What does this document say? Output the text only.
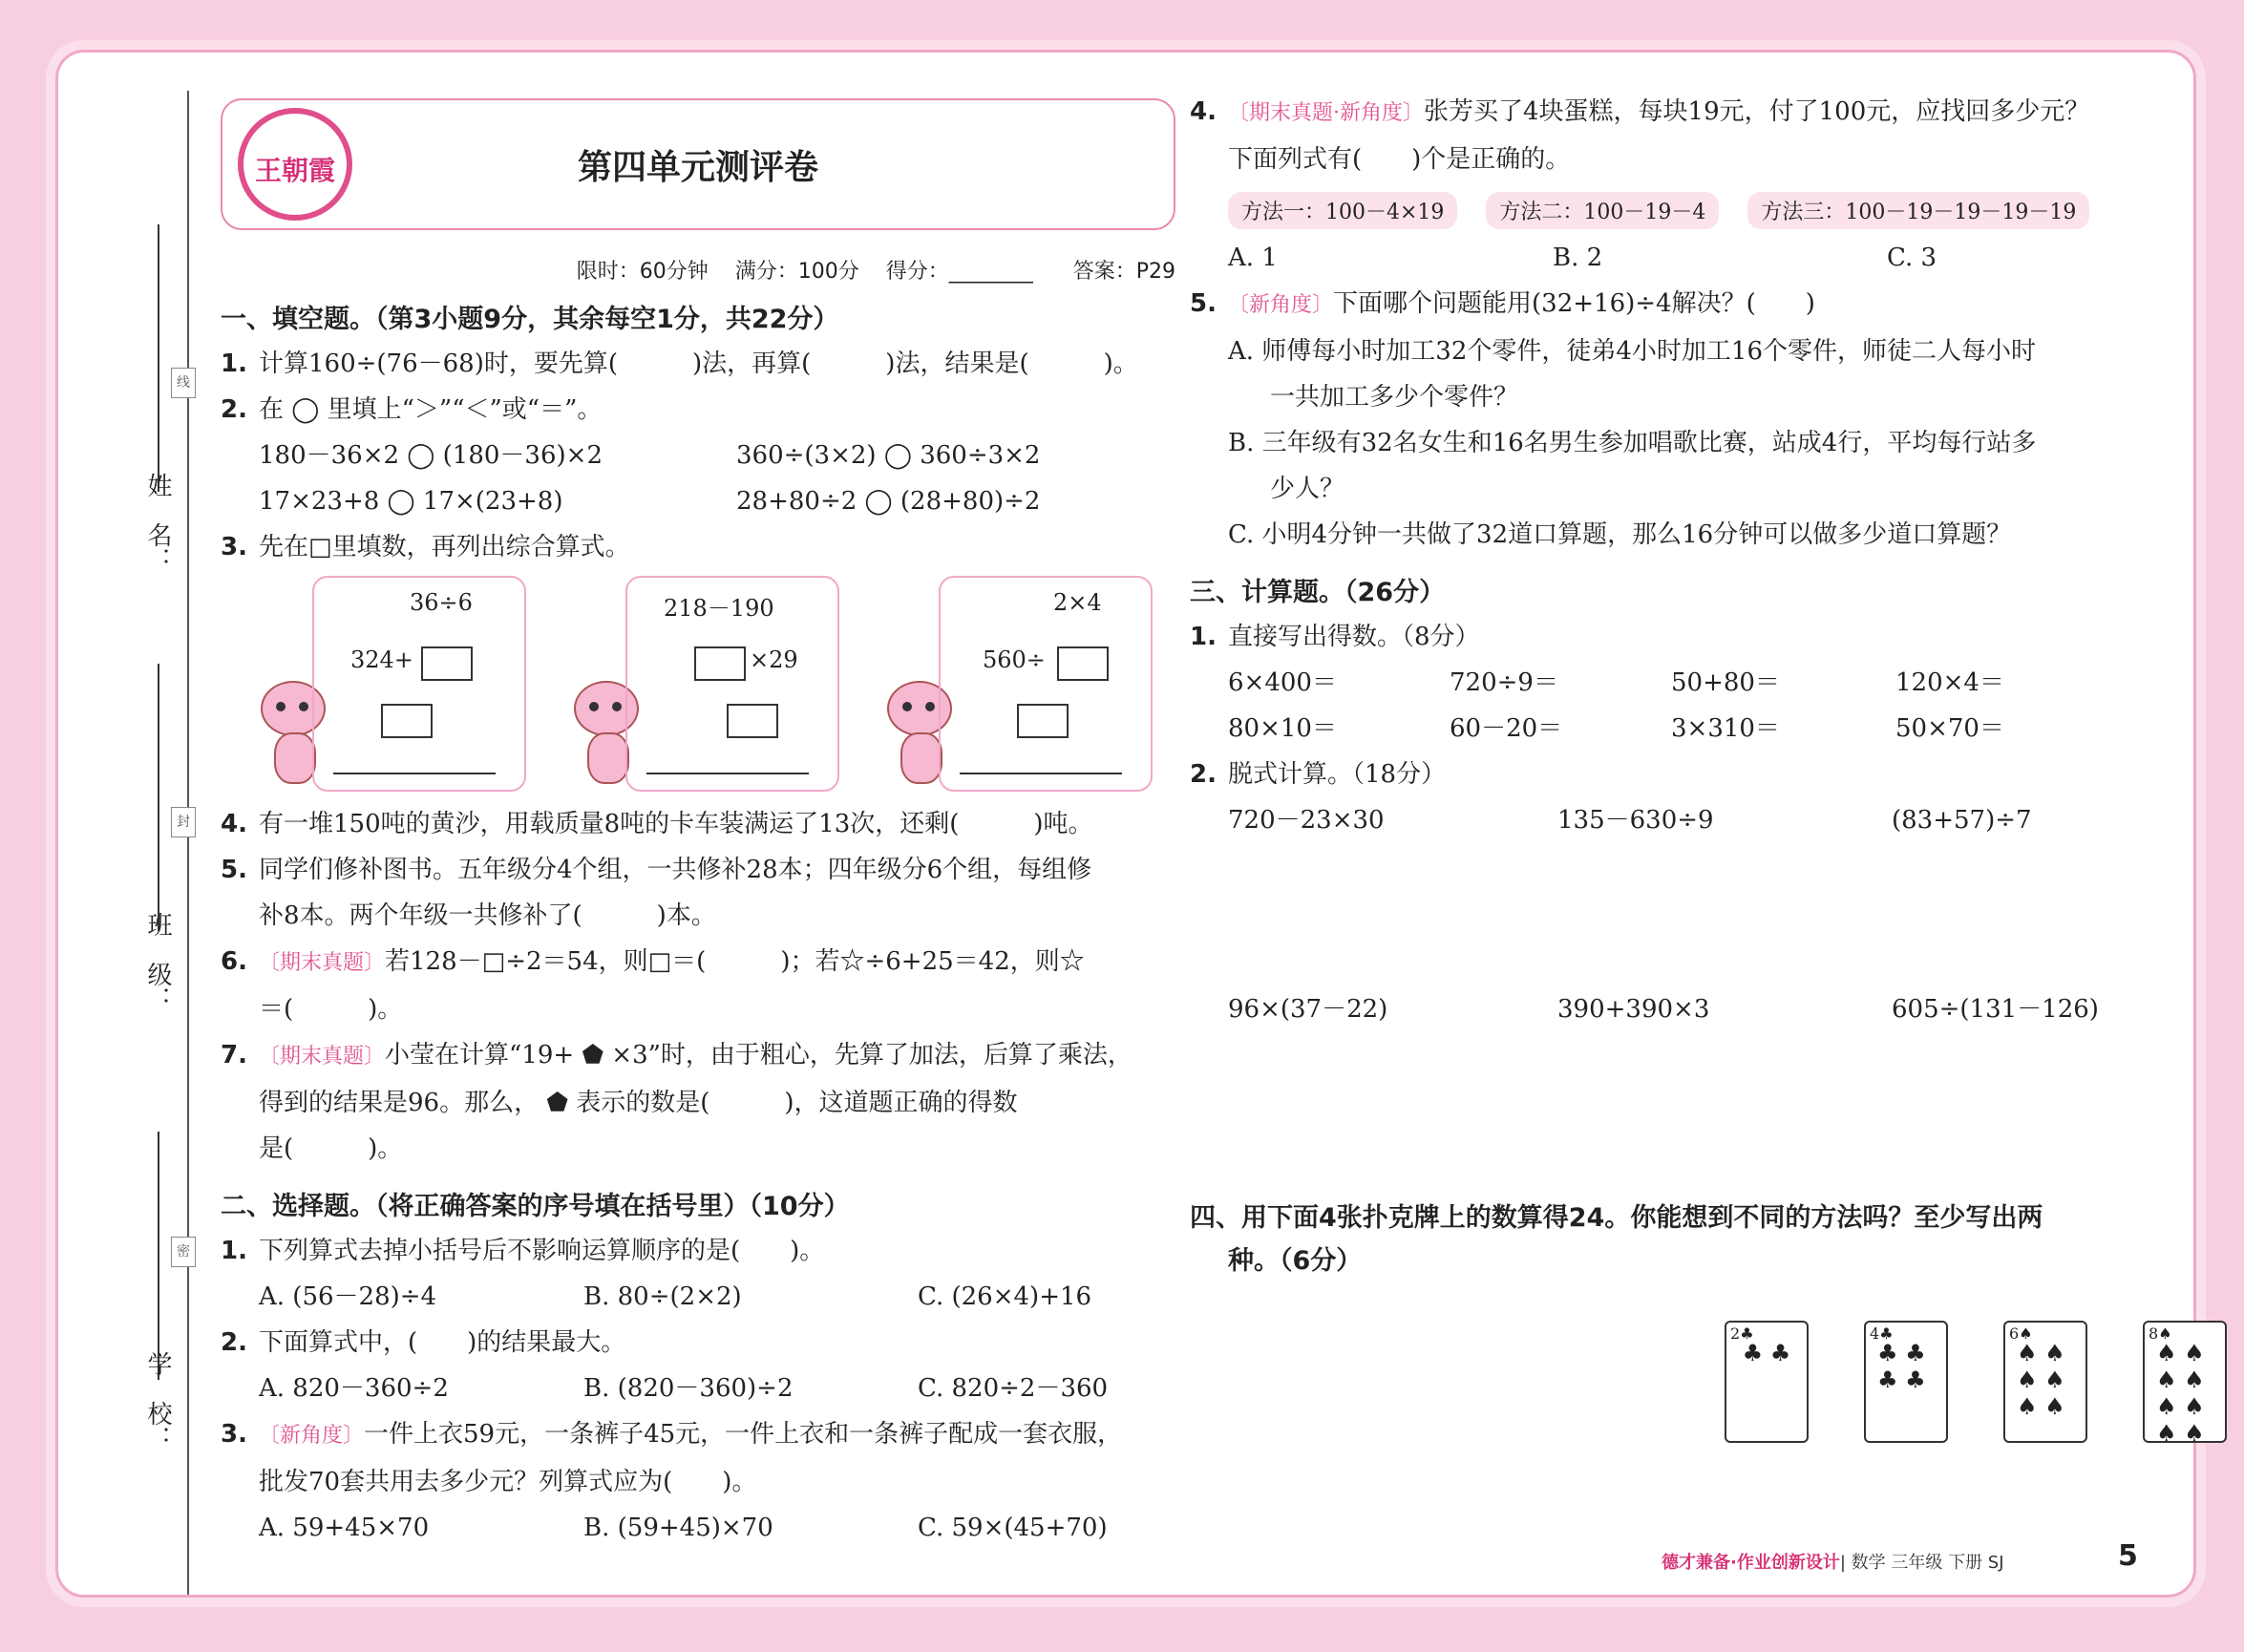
姓　名：
班　级：
学　校：
线
封
密
王朝霞	第四单元测评卷
限时：60分钟 满分：100分 得分：________ 答案：P29
一、填空题。（第3小题9分，其余每空1分，共22分）
1. 计算160÷(76－68)时，要先算(　　　)法，再算(　　　)法，结果是(　　　)。
2. 在 ◯ 里填上“＞”“＜”或“＝”。
180－36×2 ◯ (180－36)×2	360÷(3×2) ◯ 360÷3×2
17×23+8 ◯ 17×(23+8)	28+80÷2 ◯ (28+80)÷2
3. 先在□里填数，再列出综合算式。
36÷6
324+
218－190
×29
2×4
560÷
4. 有一堆150吨的黄沙，用载质量8吨的卡车装满运了13次，还剩(　　　)吨。
5. 同学们修补图书。五年级分4个组，一共修补28本；四年级分6个组，每组修
补8本。两个年级一共修补了(　　　)本。
6. 〔期末真题〕若128－□÷2＝54，则□＝(　　　)；若☆÷6+25＝42，则☆
＝(　　　)。
7. 〔期末真题〕小莹在计算“19+ ⬟ ×3”时，由于粗心，先算了加法，后算了乘法，
得到的结果是96。那么， ⬟ 表示的数是(　　　)，这道题正确的得数
是(　　　)。
二、选择题。（将正确答案的序号填在括号里）（10分）
1. 下列算式去掉小括号后不影响运算顺序的是(　　)。
A. (56－28)÷4	B. 80÷(2×2)	C. (26×4)+16
2. 下面算式中，(　　)的结果最大。
A. 820－360÷2	B. (820－360)÷2	C. 820÷2－360
3. 〔新角度〕一件上衣59元，一条裤子45元，一件上衣和一条裤子配成一套衣服，
批发70套共用去多少元？列算式应为(　　)。
A. 59+45×70	B. (59+45)×70	C. 59×(45+70)
4. 〔期末真题·新角度〕张芳买了4块蛋糕，每块19元，付了100元，应找回多少元？
下面列式有(　　)个是正确的。
方法一：100－4×19	方法二：100－19－4	方法三：100－19－19－19－19
A. 1	B. 2	C. 3
5. 〔新角度〕下面哪个问题能用(32+16)÷4解决？(　　)
A. 师傅每小时加工32个零件，徒弟4小时加工16个零件，师徒二人每小时
一共加工多少个零件？
B. 三年级有32名女生和16名男生参加唱歌比赛，站成4行，平均每行站多
少人？
C. 小明4分钟一共做了32道口算题，那么16分钟可以做多少道口算题？
三、计算题。（26分）
1. 直接写出得数。（8分）
6×400＝	720÷9＝	50+80＝	120×4＝
80×10＝	60－20＝	3×310＝	50×70＝
2. 脱式计算。（18分）
720－23×30	135－630÷9	(83+57)÷7
96×(37－22)	390+390×3	605÷(131－126)
四、用下面4张扑克牌上的数算得24。你能想到不同的方法吗？至少写出两
种。（6分）
2♣
♣ ♣
4♣
♣ ♣ ♣ ♣
6♠
♠ ♠ ♠ ♠ ♠ ♠
8♠
♠ ♠ ♠ ♠ ♠ ♠ ♠ ♠
德才兼备·作业创新设计| 数学 三年级 下册 SJ	5
